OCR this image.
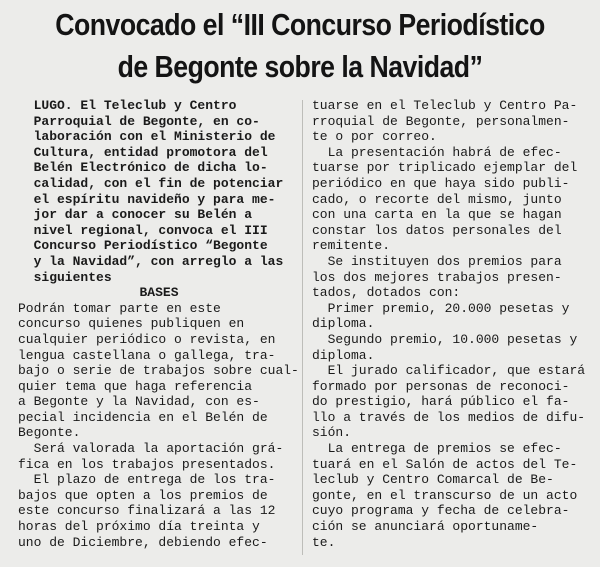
Convocado el “III Concurso Periodístico
de Begonte sobre la Navidad”
LUGO. El Teleclub y Centro
Parroquial de Begonte, en co-
laboración con el Ministerio de
Cultura, entidad promotora del
Belén Electrónico de dicha lo-
calidad, con el fin de potenciar
el espíritu navideño y para me-
jor dar a conocer su Belén a
nivel regional, convoca el III
Concurso Periodístico “Begonte
y la Navidad”, con arreglo a las
siguientes
BASES
Podrán tomar parte en este
concurso quienes publiquen en
cualquier periódico o revista, en
lengua castellana o gallega, tra-
bajo o serie de trabajos sobre cual-
quier tema que haga referencia
a Begonte y la Navidad, con es-
pecial incidencia en el Belén de
Begonte.
Será valorada la aportación grá-
fica en los trabajos presentados.
El plazo de entrega de los tra-
bajos que opten a los premios de
este concurso finalizará a las 12
horas del próximo día treinta y
uno de Diciembre, debiendo efec-
tuarse en el Teleclub y Centro Pa-
rroquial de Begonte, personalmen-
te o por correo.
La presentación habrá de efec-
tuarse por triplicado ejemplar del
periódico en que haya sido publi-
cado, o recorte del mismo, junto
con una carta en la que se hagan
constar los datos personales del
remitente.
Se instituyen dos premios para
los dos mejores trabajos presen-
tados, dotados con:
Primer premio, 20.000 pesetas y
diploma.
Segundo premio, 10.000 pesetas y
diploma.
El jurado calificador, que estará
formado por personas de reconoci-
do prestigio, hará público el fa-
llo a través de los medios de difu-
sión.
La entrega de premios se efec-
tuará en el Salón de actos del Te-
leclub y Centro Comarcal de Be-
gonte, en el transcurso de un acto
cuyo programa y fecha de celebra-
ción se anunciará oportuname-
te.
